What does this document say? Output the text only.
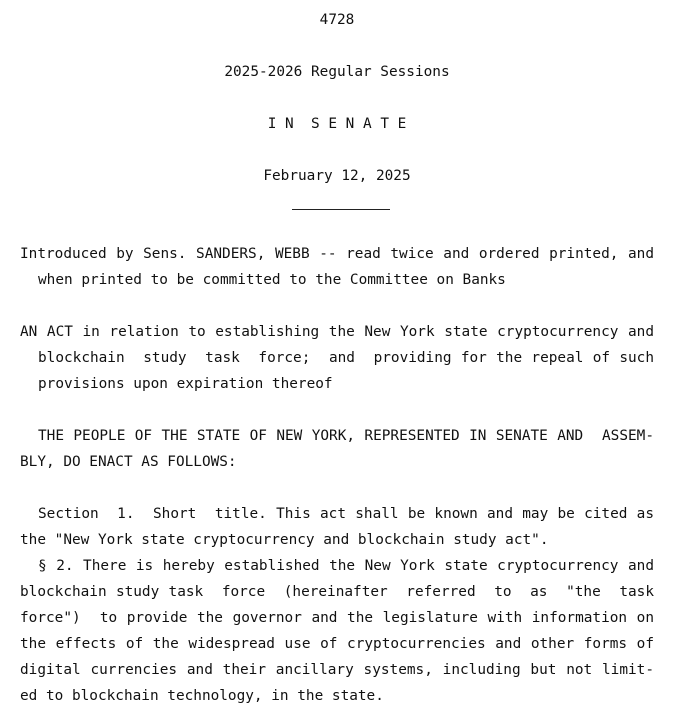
4728
2025-2026 Regular Sessions
I N  S E N A T E
February 12, 2025
Introduced by Sens. SANDERS, WEBB -- read twice and ordered printed, and
when printed to be committed to the Committee on Banks
AN ACT in relation to establishing the New York state cryptocurrency and
blockchain  study  task  force;  and  providing for the repeal of such
provisions upon expiration thereof
THE PEOPLE OF THE STATE OF NEW YORK, REPRESENTED IN SENATE AND  ASSEM-
BLY, DO ENACT AS FOLLOWS:
Section  1.  Short  title. This act shall be known and may be cited as
the "New York state cryptocurrency and blockchain study act".
§ 2. There is hereby established the New York state cryptocurrency and
blockchain study task  force  (hereinafter  referred  to  as  "the  task
force")  to provide the governor and the legislature with information on
the effects of the widespread use of cryptocurrencies and other forms of
digital currencies and their ancillary systems, including but not limit-
ed to blockchain technology, in the state.
